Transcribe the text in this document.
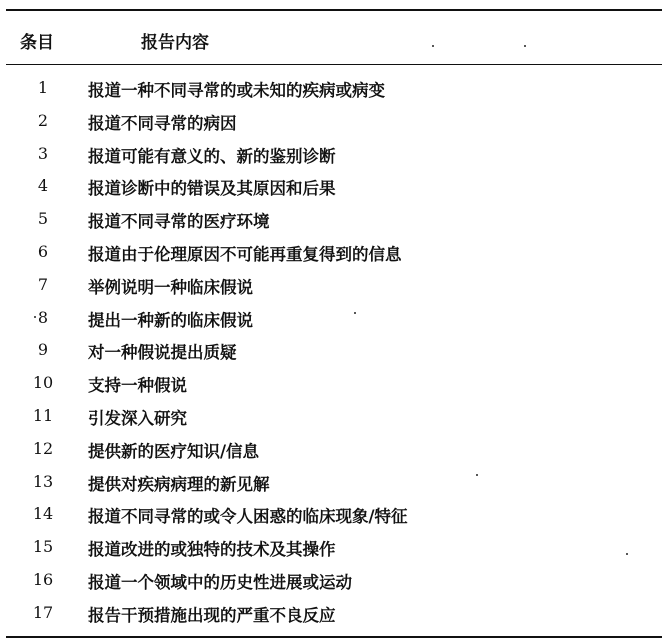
条目	报告内容
1	报道一种不同寻常的或未知的疾病或病变
2	报道不同寻常的病因
3	报道可能有意义的、新的鉴别诊断
4	报道诊断中的错误及其原因和后果
5	报道不同寻常的医疗环境
6	报道由于伦理原因不可能再重复得到的信息
7	举例说明一种临床假说
8	提出一种新的临床假说
9	对一种假说提出质疑
10	支持一种假说
11	引发深入研究
12	提供新的医疗知识/信息
13	提供对疾病病理的新见解
14	报道不同寻常的或令人困惑的临床现象/特征
15	报道改进的或独特的技术及其操作
16	报道一个领域中的历史性进展或运动
17	报告干预措施出现的严重不良反应
